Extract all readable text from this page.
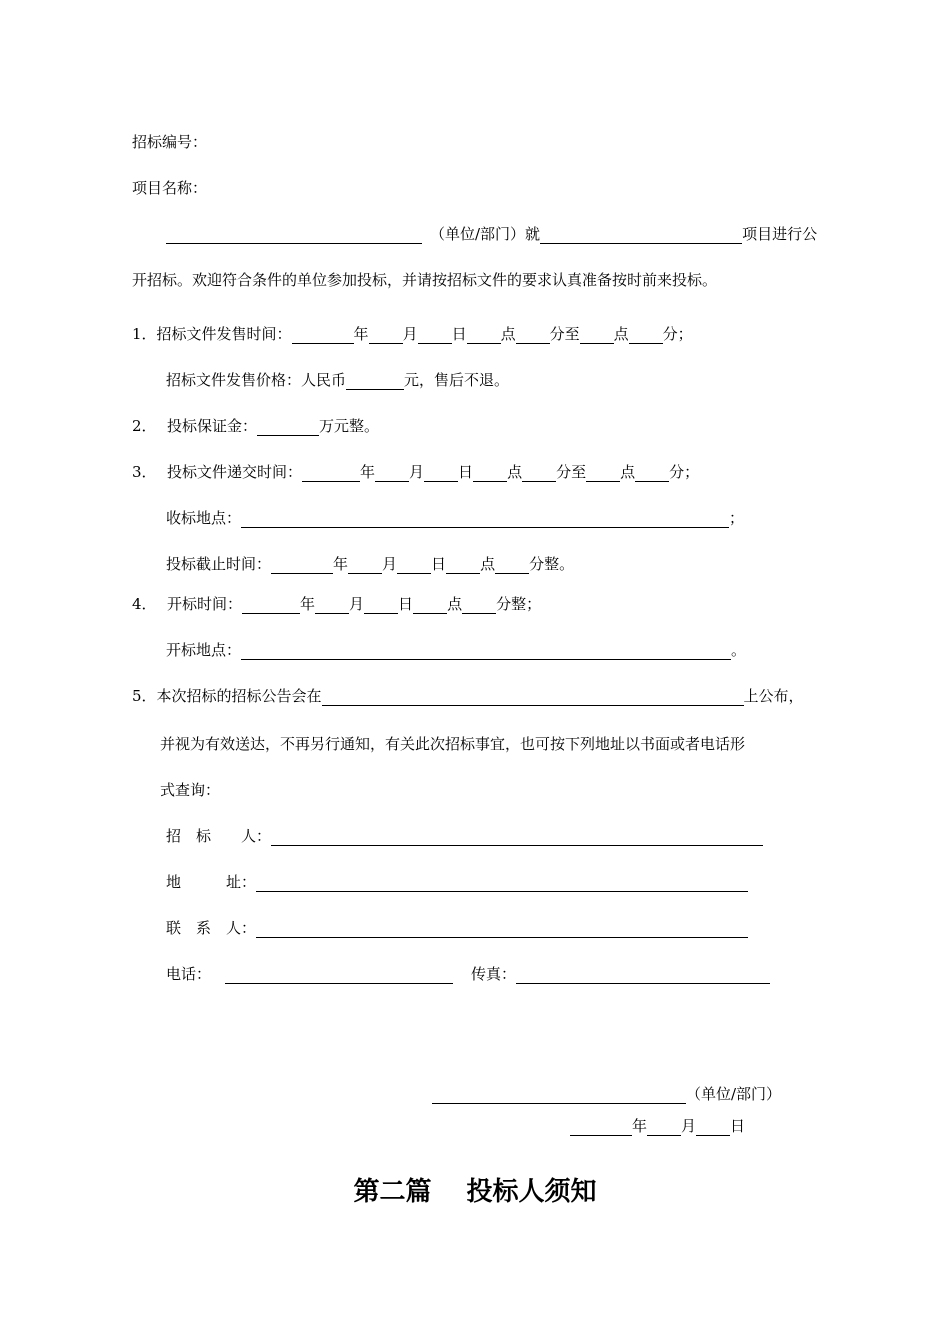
招标编号：
项目名称：
（单位/部门）就	项目进行公
开招标。欢迎符合条件的单位参加投标，并请按招标文件的要求认真准备按时前来投标。
1．招标文件发售时间：	年 月 日 点 分至 点 分；
招标文件发售价格：人民币	元，售后不退。
2． 投标保证金：	万元整。
3． 投标文件递交时间：	年 月 日 点 分至 点 分；
收标地点：	；
投标截止时间：	年 月 日 点 分整。
4． 开标时间：	年 月 日 点 分整；
开标地点：	。
5．本次招标的招标公告会在	上公布，
并视为有效送达，不再另行通知，有关此次招标事宜，也可按下列地址以书面或者电话形
式查询：
招　标　　人：
地　　　址：
联　系　人：
电话：	传真：
（单位/部门）
年 月 日
第二篇　 投标人须知
